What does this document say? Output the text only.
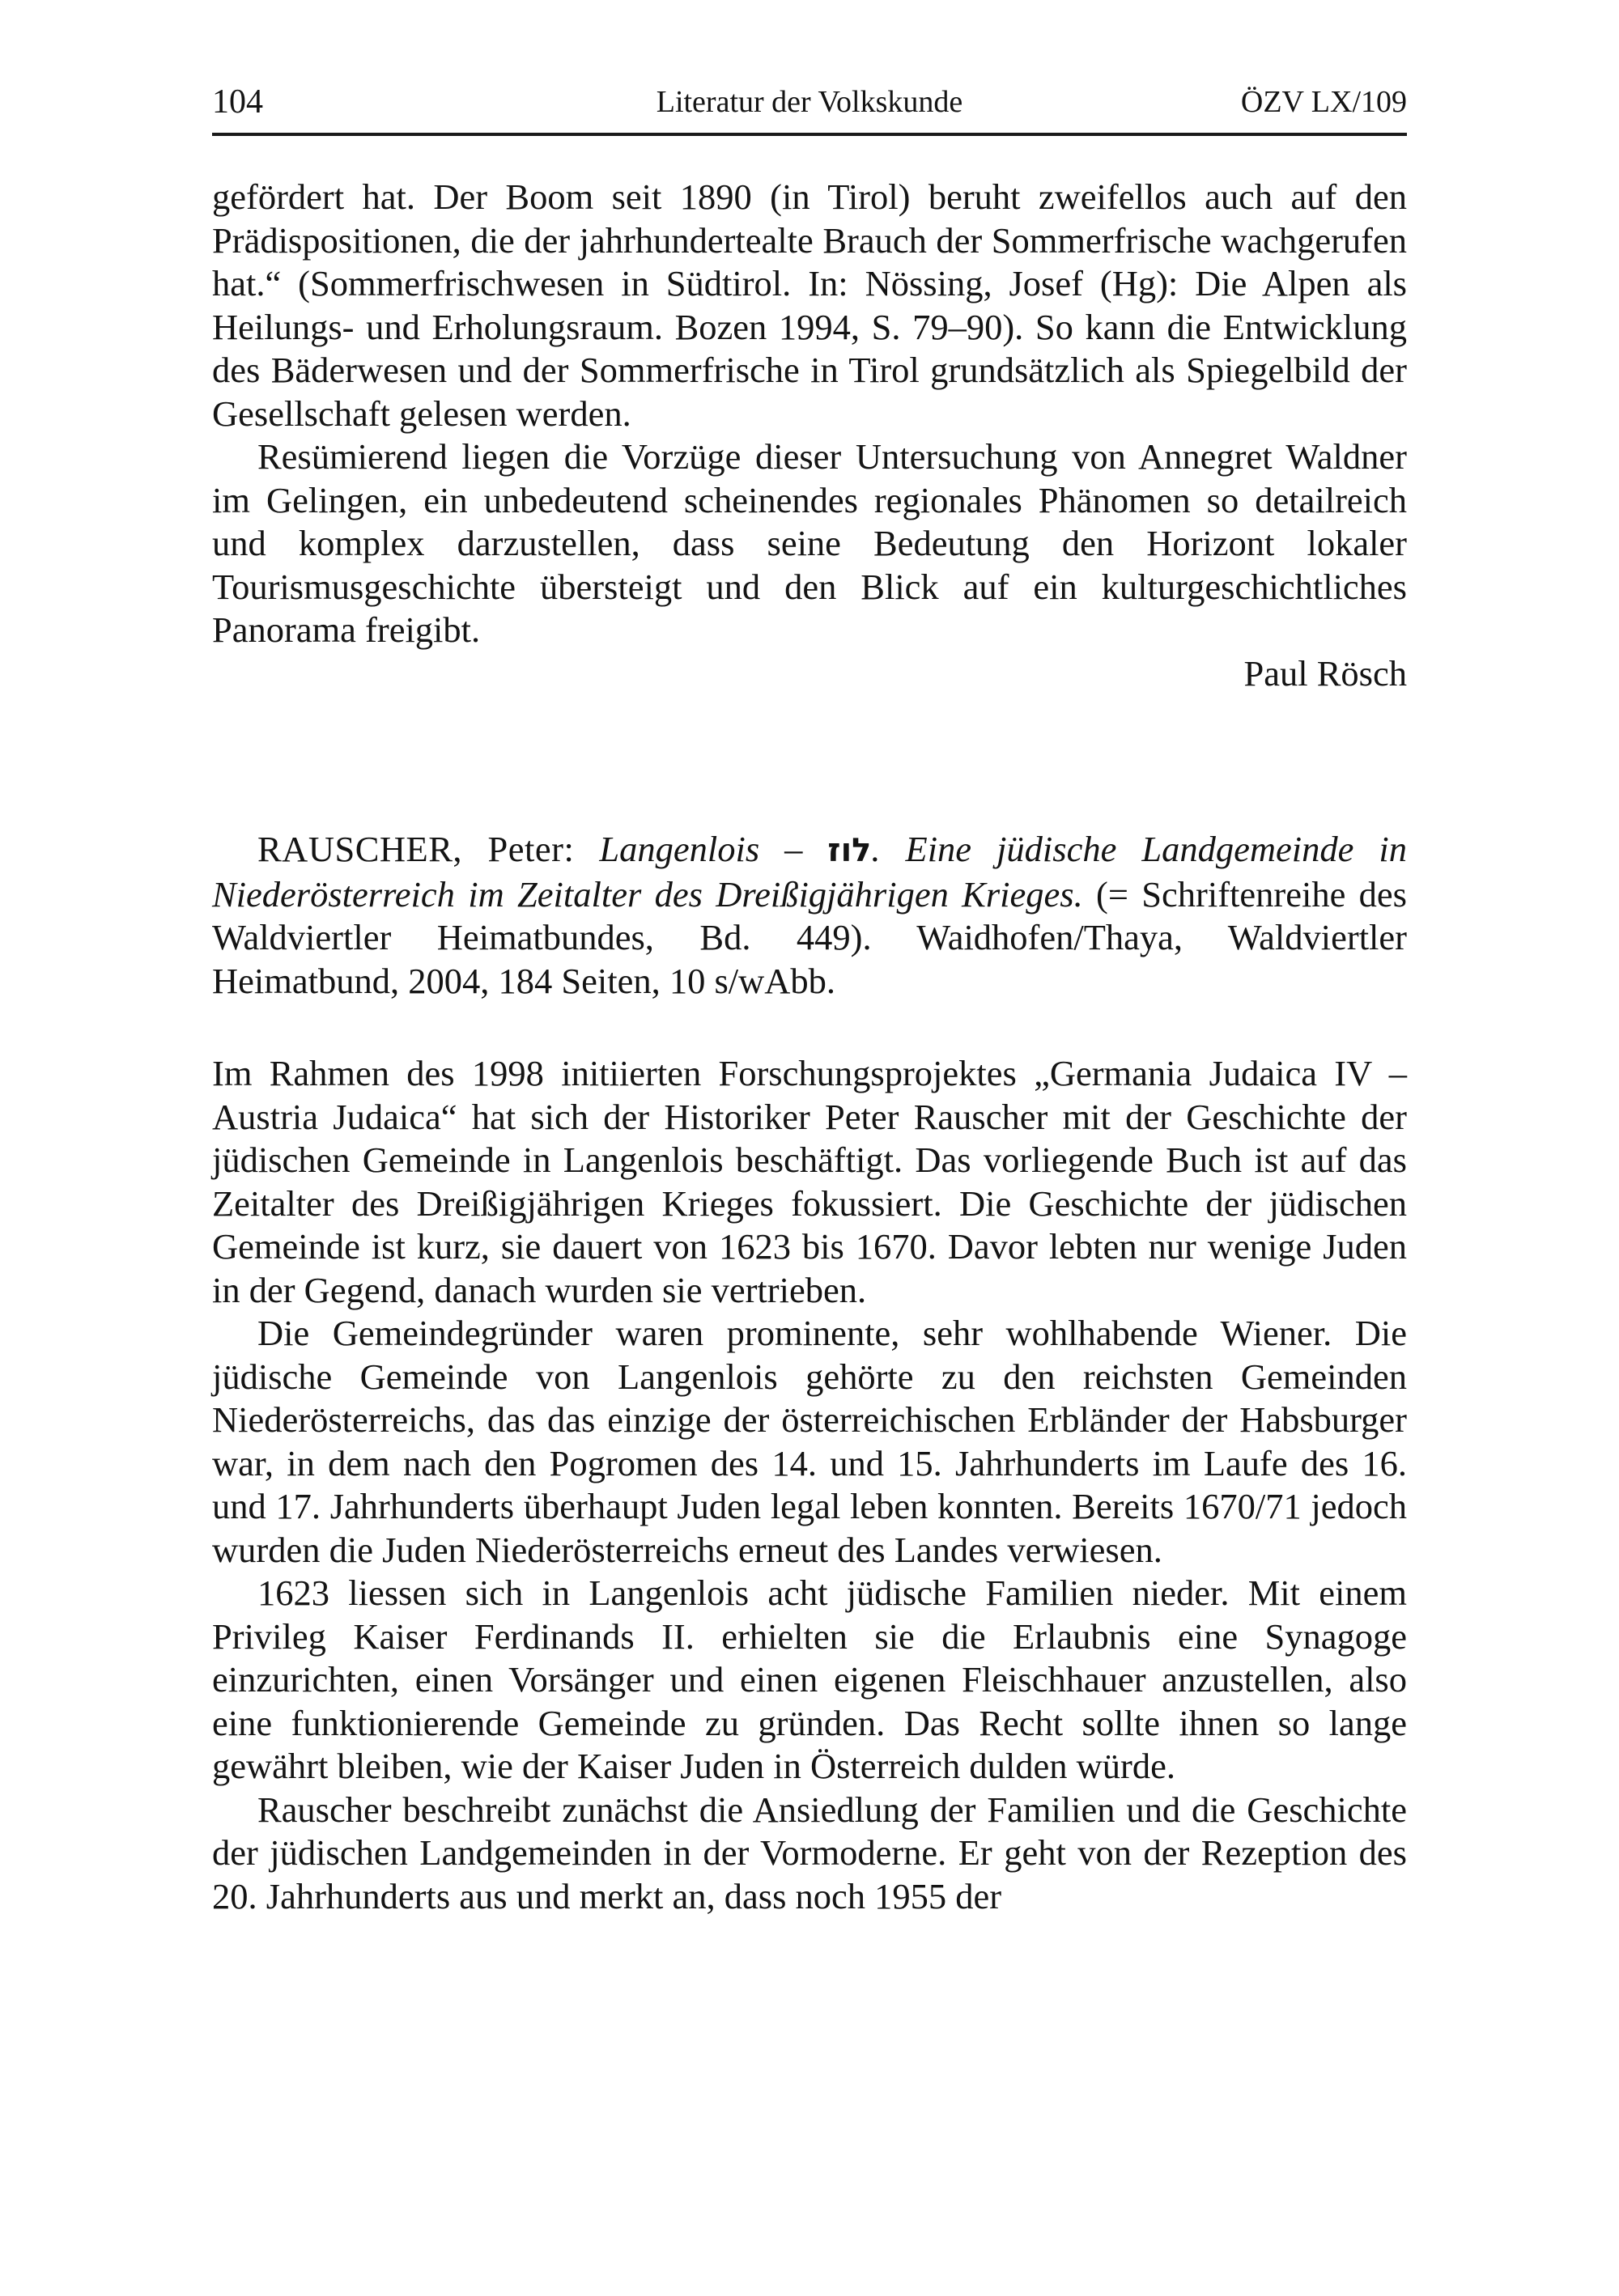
104	Literatur der Volkskunde	ÖZV LX/109

gefördert hat. Der Boom seit 1890 (in Tirol) beruht zweifellos auch auf den Prädispositionen, die der jahrhundertealte Brauch der Sommerfrische wachgerufen hat.“ (Sommerfrischwesen in Südtirol. In: Nössing, Josef (Hg): Die Alpen als Heilungs- und Erholungsraum. Bozen 1994, S. 79–90). So kann die Entwicklung des Bäderwesen und der Sommerfrische in Tirol grundsätzlich als Spiegelbild der Gesellschaft gelesen werden.

Resümierend liegen die Vorzüge dieser Untersuchung von Annegret Waldner im Gelingen, ein unbedeutend scheinendes regionales Phänomen so detailreich und komplex darzustellen, dass seine Bedeutung den Horizont lokaler Tourismusgeschichte übersteigt und den Blick auf ein kulturgeschichtliches Panorama freigibt.

Paul Rösch

RAUSCHER, Peter: Langenlois – לוז. Eine jüdische Landgemeinde in Niederösterreich im Zeitalter des Dreißigjährigen Krieges. (= Schriftenreihe des Waldviertler Heimatbundes, Bd. 449). Waidhofen/Thaya, Waldviertler Heimatbund, 2004, 184 Seiten, 10 s/wAbb.

Im Rahmen des 1998 initiierten Forschungsprojektes „Germania Judaica IV – Austria Judaica“ hat sich der Historiker Peter Rauscher mit der Geschichte der jüdischen Gemeinde in Langenlois beschäftigt. Das vorliegende Buch ist auf das Zeitalter des Dreißigjährigen Krieges fokussiert. Die Geschichte der jüdischen Gemeinde ist kurz, sie dauert von 1623 bis 1670. Davor lebten nur wenige Juden in der Gegend, danach wurden sie vertrieben.

Die Gemeindegründer waren prominente, sehr wohlhabende Wiener. Die jüdische Gemeinde von Langenlois gehörte zu den reichsten Gemeinden Niederösterreichs, das das einzige der österreichischen Erbländer der Habsburger war, in dem nach den Pogromen des 14. und 15. Jahrhunderts im Laufe des 16. und 17. Jahrhunderts überhaupt Juden legal leben konnten. Bereits 1670/71 jedoch wurden die Juden Niederösterreichs erneut des Landes verwiesen.

1623 liessen sich in Langenlois acht jüdische Familien nieder. Mit einem Privileg Kaiser Ferdinands II. erhielten sie die Erlaubnis eine Synagoge einzurichten, einen Vorsänger und einen eigenen Fleischhauer anzustellen, also eine funktionierende Gemeinde zu gründen. Das Recht sollte ihnen so lange gewährt bleiben, wie der Kaiser Juden in Österreich dulden würde.

Rauscher beschreibt zunächst die Ansiedlung der Familien und die Geschichte der jüdischen Landgemeinden in der Vormoderne. Er geht von der Rezeption des 20. Jahrhunderts aus und merkt an, dass noch 1955 der
